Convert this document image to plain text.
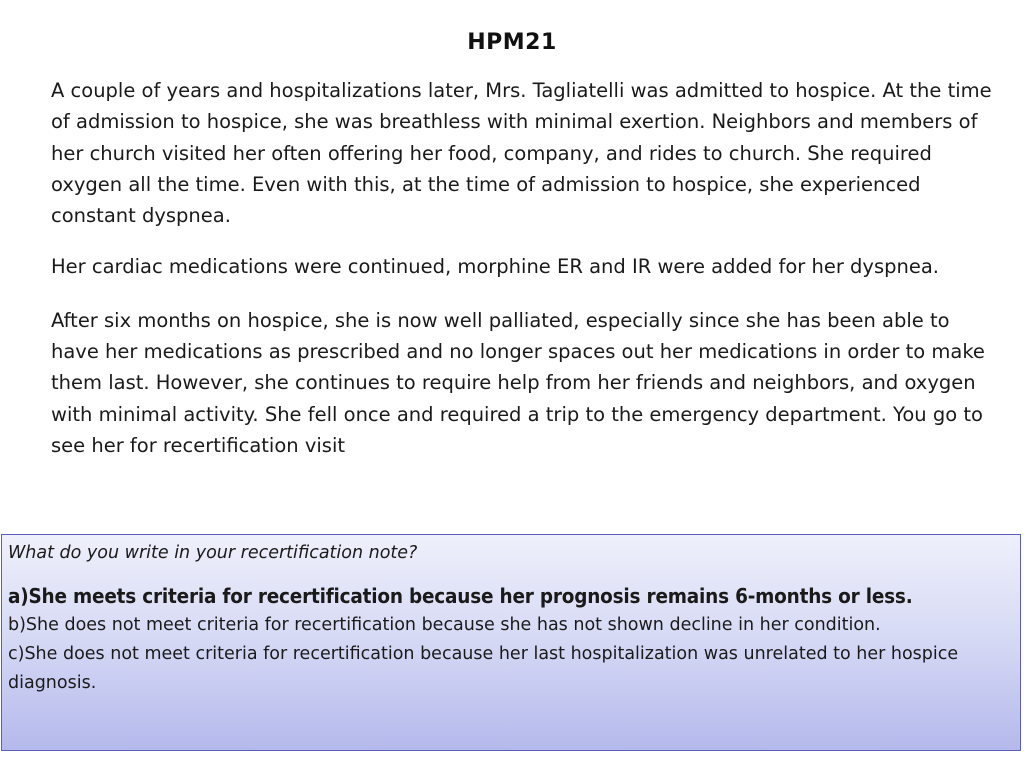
HPM21

A couple of years and hospitalizations later, Mrs. Tagliatelli was admitted to hospice. At the time of admission to hospice, she was breathless with minimal exertion. Neighbors and members of her church visited her often offering her food, company, and rides to church. She required oxygen all the time. Even with this, at the time of admission to hospice, she experienced constant dyspnea.

Her cardiac medications were continued, morphine ER and IR were added for her dyspnea.

After six months on hospice, she is now well palliated, especially since she has been able to have her medications as prescribed and no longer spaces out her medications in order to make them last. However, she continues to require help from her friends and neighbors, and oxygen with minimal activity. She fell once and required a trip to the emergency department. You go to see her for recertification visit

What do you write in your recertification note?

a)She meets criteria for recertification because her prognosis remains 6-months or less.

b)She does not meet criteria for recertification because she has not shown decline in her condition.

c)She does not meet criteria for recertification because her last hospitalization was unrelated to her hospice diagnosis.
